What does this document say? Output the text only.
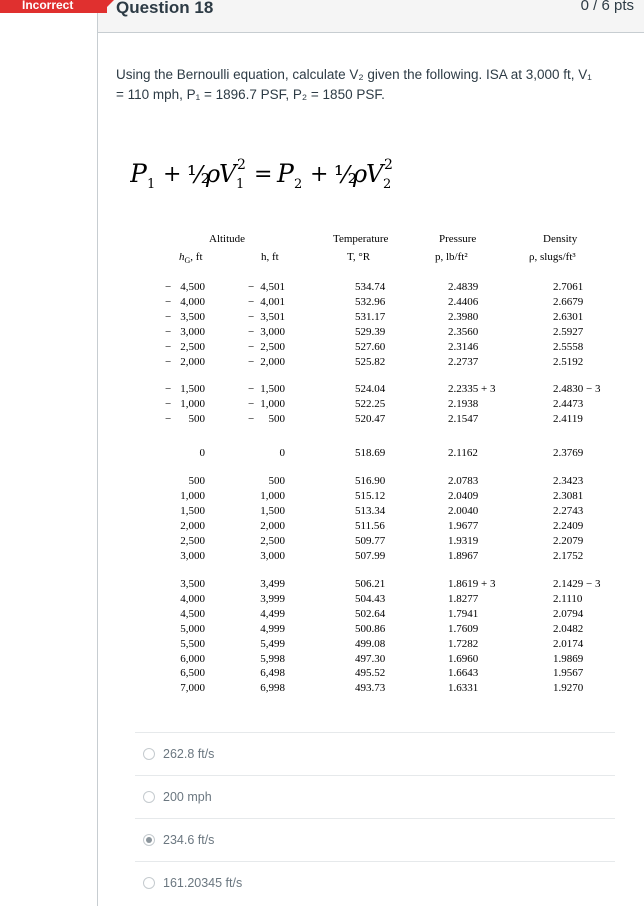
Incorrect	Question 18	0 / 6 pts
Using the Bernoulli equation, calculate V₂ given the following. ISA at 3,000 ft, V₁
= 110 mph, P₁ = 1896.7 PSF, P₂ = 1850 PSF.
P 1 + ½
ρ
V 1
2 = P 2 + ½
ρ
V 2
2
Altitude
$h_G$, ft	h, ft
Temperature
T, °R
Pressure
p, lb/ft²
Density
ρ, slugs/ft³
4,500	4,501	534.74	2.4839	2.7061
−	−
4,000	4,001	532.96	2.4406	2.6679
−	−
3,500	3,501	531.17	2.3980	2.6301
−	−
3,000	3,000	529.39	2.3560	2.5927
−	−
2,500	2,500	527.60	2.3146	2.5558
−	−
2,000	2,000	525.82	2.2737	2.5192
−	−
1,500	1,500	524.04	2.2335 + 3	2.4830 − 3
−	−
1,000	1,000	522.25	2.1938	2.4473
−	−
500	500	520.47	2.1547	2.4119
−	−
0	0	518.69	2.1162	2.3769
500	500	516.90	2.0783	2.3423
1,000	1,000	515.12	2.0409	2.3081
1,500	1,500	513.34	2.0040	2.2743
2,000	2,000	511.56	1.9677	2.2409
2,500	2,500	509.77	1.9319	2.2079
3,000	3,000	507.99	1.8967	2.1752
3,500	3,499	506.21	1.8619 + 3	2.1429 − 3
4,000	3,999	504.43	1.8277	2.1110
4,500	4,499	502.64	1.7941	2.0794
5,000	4,999	500.86	1.7609	2.0482
5,500	5,499	499.08	1.7282	2.0174
6,000	5,998	497.30	1.6960	1.9869
6,500	6,498	495.52	1.6643	1.9567
7,000	6,998	493.73	1.6331	1.9270
262.8 ft/s
200 mph
234.6 ft/s
161.20345 ft/s
